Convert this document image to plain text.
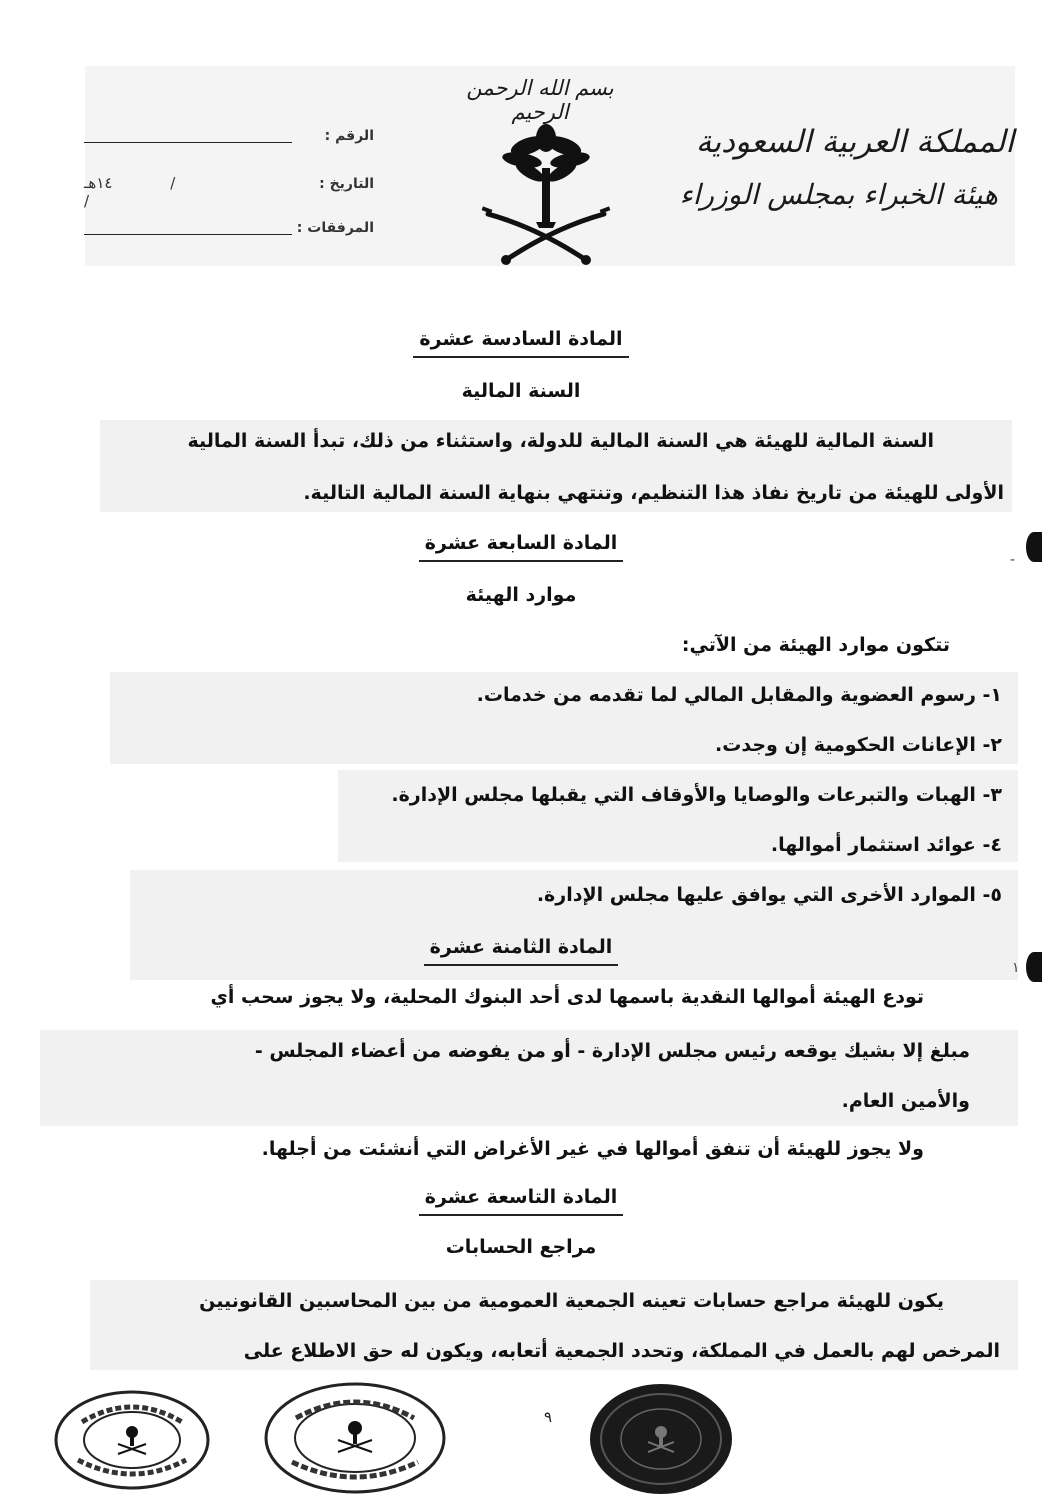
بسم الله الرحمن الرحيم
المملكة العربية السعودية
هيئة الخبراء بمجلس الوزراء
الرقم :
التاريخ :
١٤هـ	/ /
المرفقات :
المادة السادسة عشرة
السنة المالية
السنة المالية للهيئة هي السنة المالية للدولة، واستثناء من ذلك، تبدأ السنة المالية
الأولى للهيئة من تاريخ نفاذ هذا التنظيم، وتنتهي بنهاية السنة المالية التالية.
المادة السابعة عشرة
موارد الهيئة
تتكون موارد الهيئة من الآتي:
١- رسوم العضوية والمقابل المالي لما تقدمه من خدمات.
٢- الإعانات الحكومية إن وجدت.
٣- الهبات والتبرعات والوصايا والأوقاف التي يقبلها مجلس الإدارة.
٤- عوائد استثمار أموالها.
٥- الموارد الأخرى التي يوافق عليها مجلس الإدارة.
المادة الثامنة عشرة
تودع الهيئة أموالها النقدية باسمها لدى أحد البنوك المحلية، ولا يجوز سحب أي
مبلغ إلا بشيك يوقعه رئيس مجلس الإدارة - أو من يفوضه من أعضاء المجلس -
والأمين العام.
ولا يجوز للهيئة أن تنفق أموالها في غير الأغراض التي أنشئت من أجلها.
المادة التاسعة عشرة
مراجع الحسابات
يكون للهيئة مراجع حسابات تعينه الجمعية العمومية من بين المحاسبين القانونيين
المرخص لهم بالعمل في المملكة، وتحدد الجمعية أتعابه، ويكون له حق الاطلاع على
-
١
٩
